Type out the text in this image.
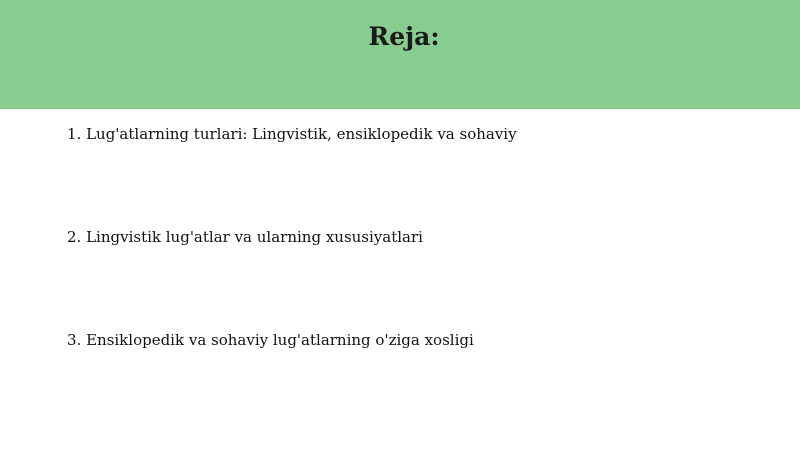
Reja:
1. Lug'atlarning turlari: Lingvistik, ensiklopedik va sohaviy
2. Lingvistik lug'atlar va ularning xususiyatlari
3. Ensiklopedik va sohaviy lug'atlarning o'ziga xosligi
